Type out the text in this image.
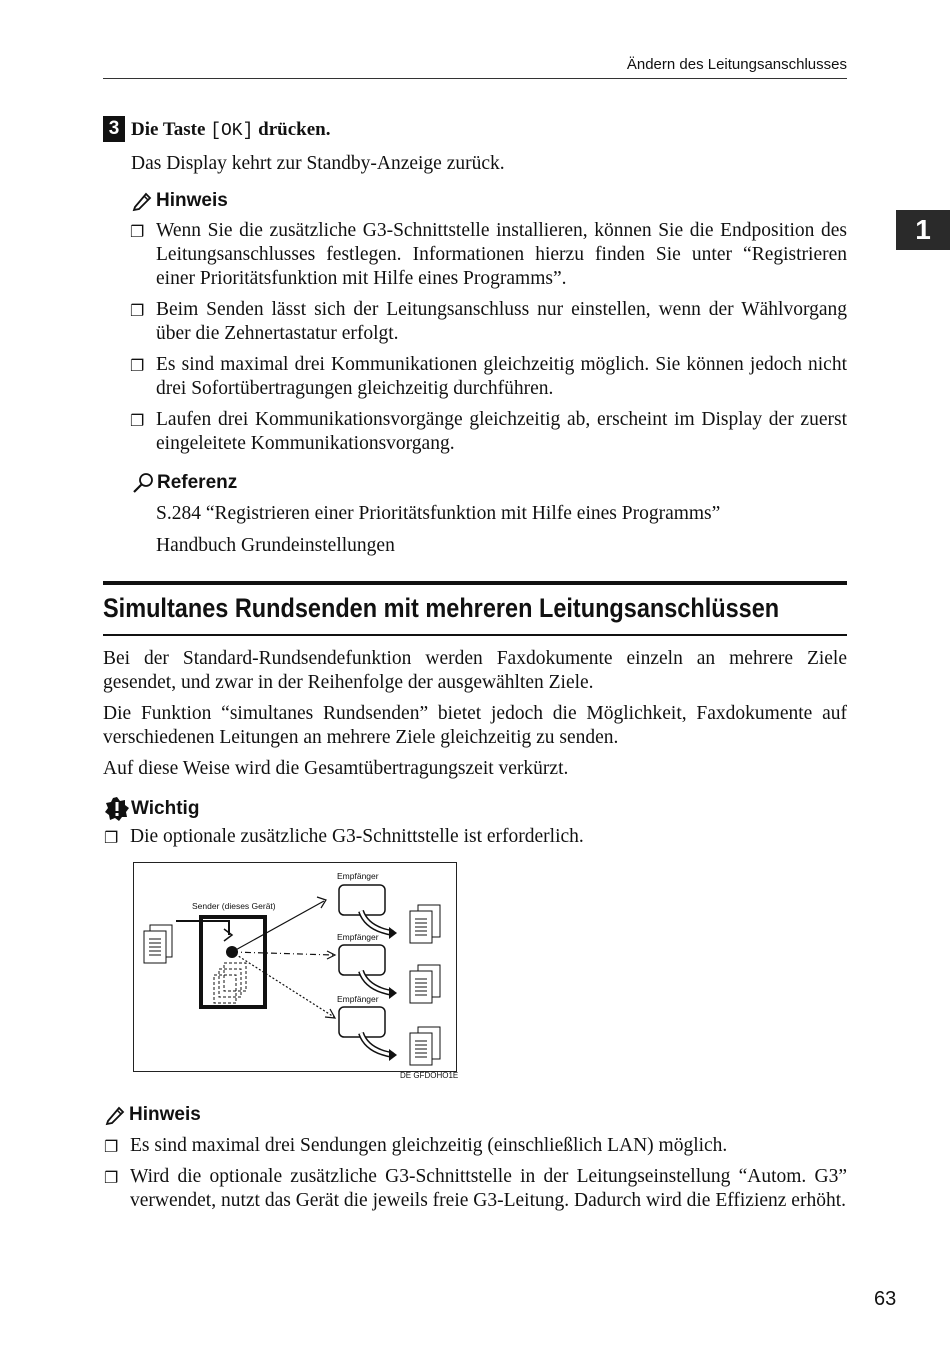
Ändern des Leitungsanschlusses
1
3 Die Taste [OK] drücken.
Das Display kehrt zur Standby-Anzeige zurück.
Hinweis
❐ Wenn Sie die zusätzliche G3-Schnittstelle installieren, können Sie die Endposition des Leitungsanschlusses festlegen. Informationen hierzu finden Sie unter “Registrieren einer Prioritätsfunktion mit Hilfe eines Programms”.
❐ Beim Senden lässt sich der Leitungsanschluss nur einstellen, wenn der Wählvorgang über die Zehnertastatur erfolgt.
❐ Es sind maximal drei Kommunikationen gleichzeitig möglich. Sie können jedoch nicht drei Sofortübertragungen gleichzeitig durchführen.
❐ Laufen drei Kommunikationsvorgänge gleichzeitig ab, erscheint im Display der zuerst eingeleitete Kommunikationsvorgang.
Referenz
S.284 “Registrieren einer Prioritätsfunktion mit Hilfe eines Programms”
Handbuch Grundeinstellungen
Simultanes Rundsenden mit mehreren Leitungsanschlüssen
Bei der Standard-Rundsendefunktion werden Faxdokumente einzeln an mehrere Ziele gesendet, und zwar in der Reihenfolge der ausgewählten Ziele.
Die Funktion “simultanes Rundsenden” bietet jedoch die Möglichkeit, Faxdokumente auf verschiedenen Leitungen an mehrere Ziele gleichzeitig zu senden.
Auf diese Weise wird die Gesamtübertragungszeit verkürzt.
Wichtig
❐ Die optionale zusätzliche G3-Schnittstelle ist erforderlich.
Sender (dieses Gerät)
Empfänger
Empfänger
Empfänger
DE GFDOHO1E
Hinweis
❐ Es sind maximal drei Sendungen gleichzeitig (einschließlich LAN) möglich.
❐ Wird die optionale zusätzliche G3-Schnittstelle in der Leitungseinstellung “Autom. G3” verwendet, nutzt das Gerät die jeweils freie G3-Leitung. Dadurch wird die Effizienz erhöht.
63
